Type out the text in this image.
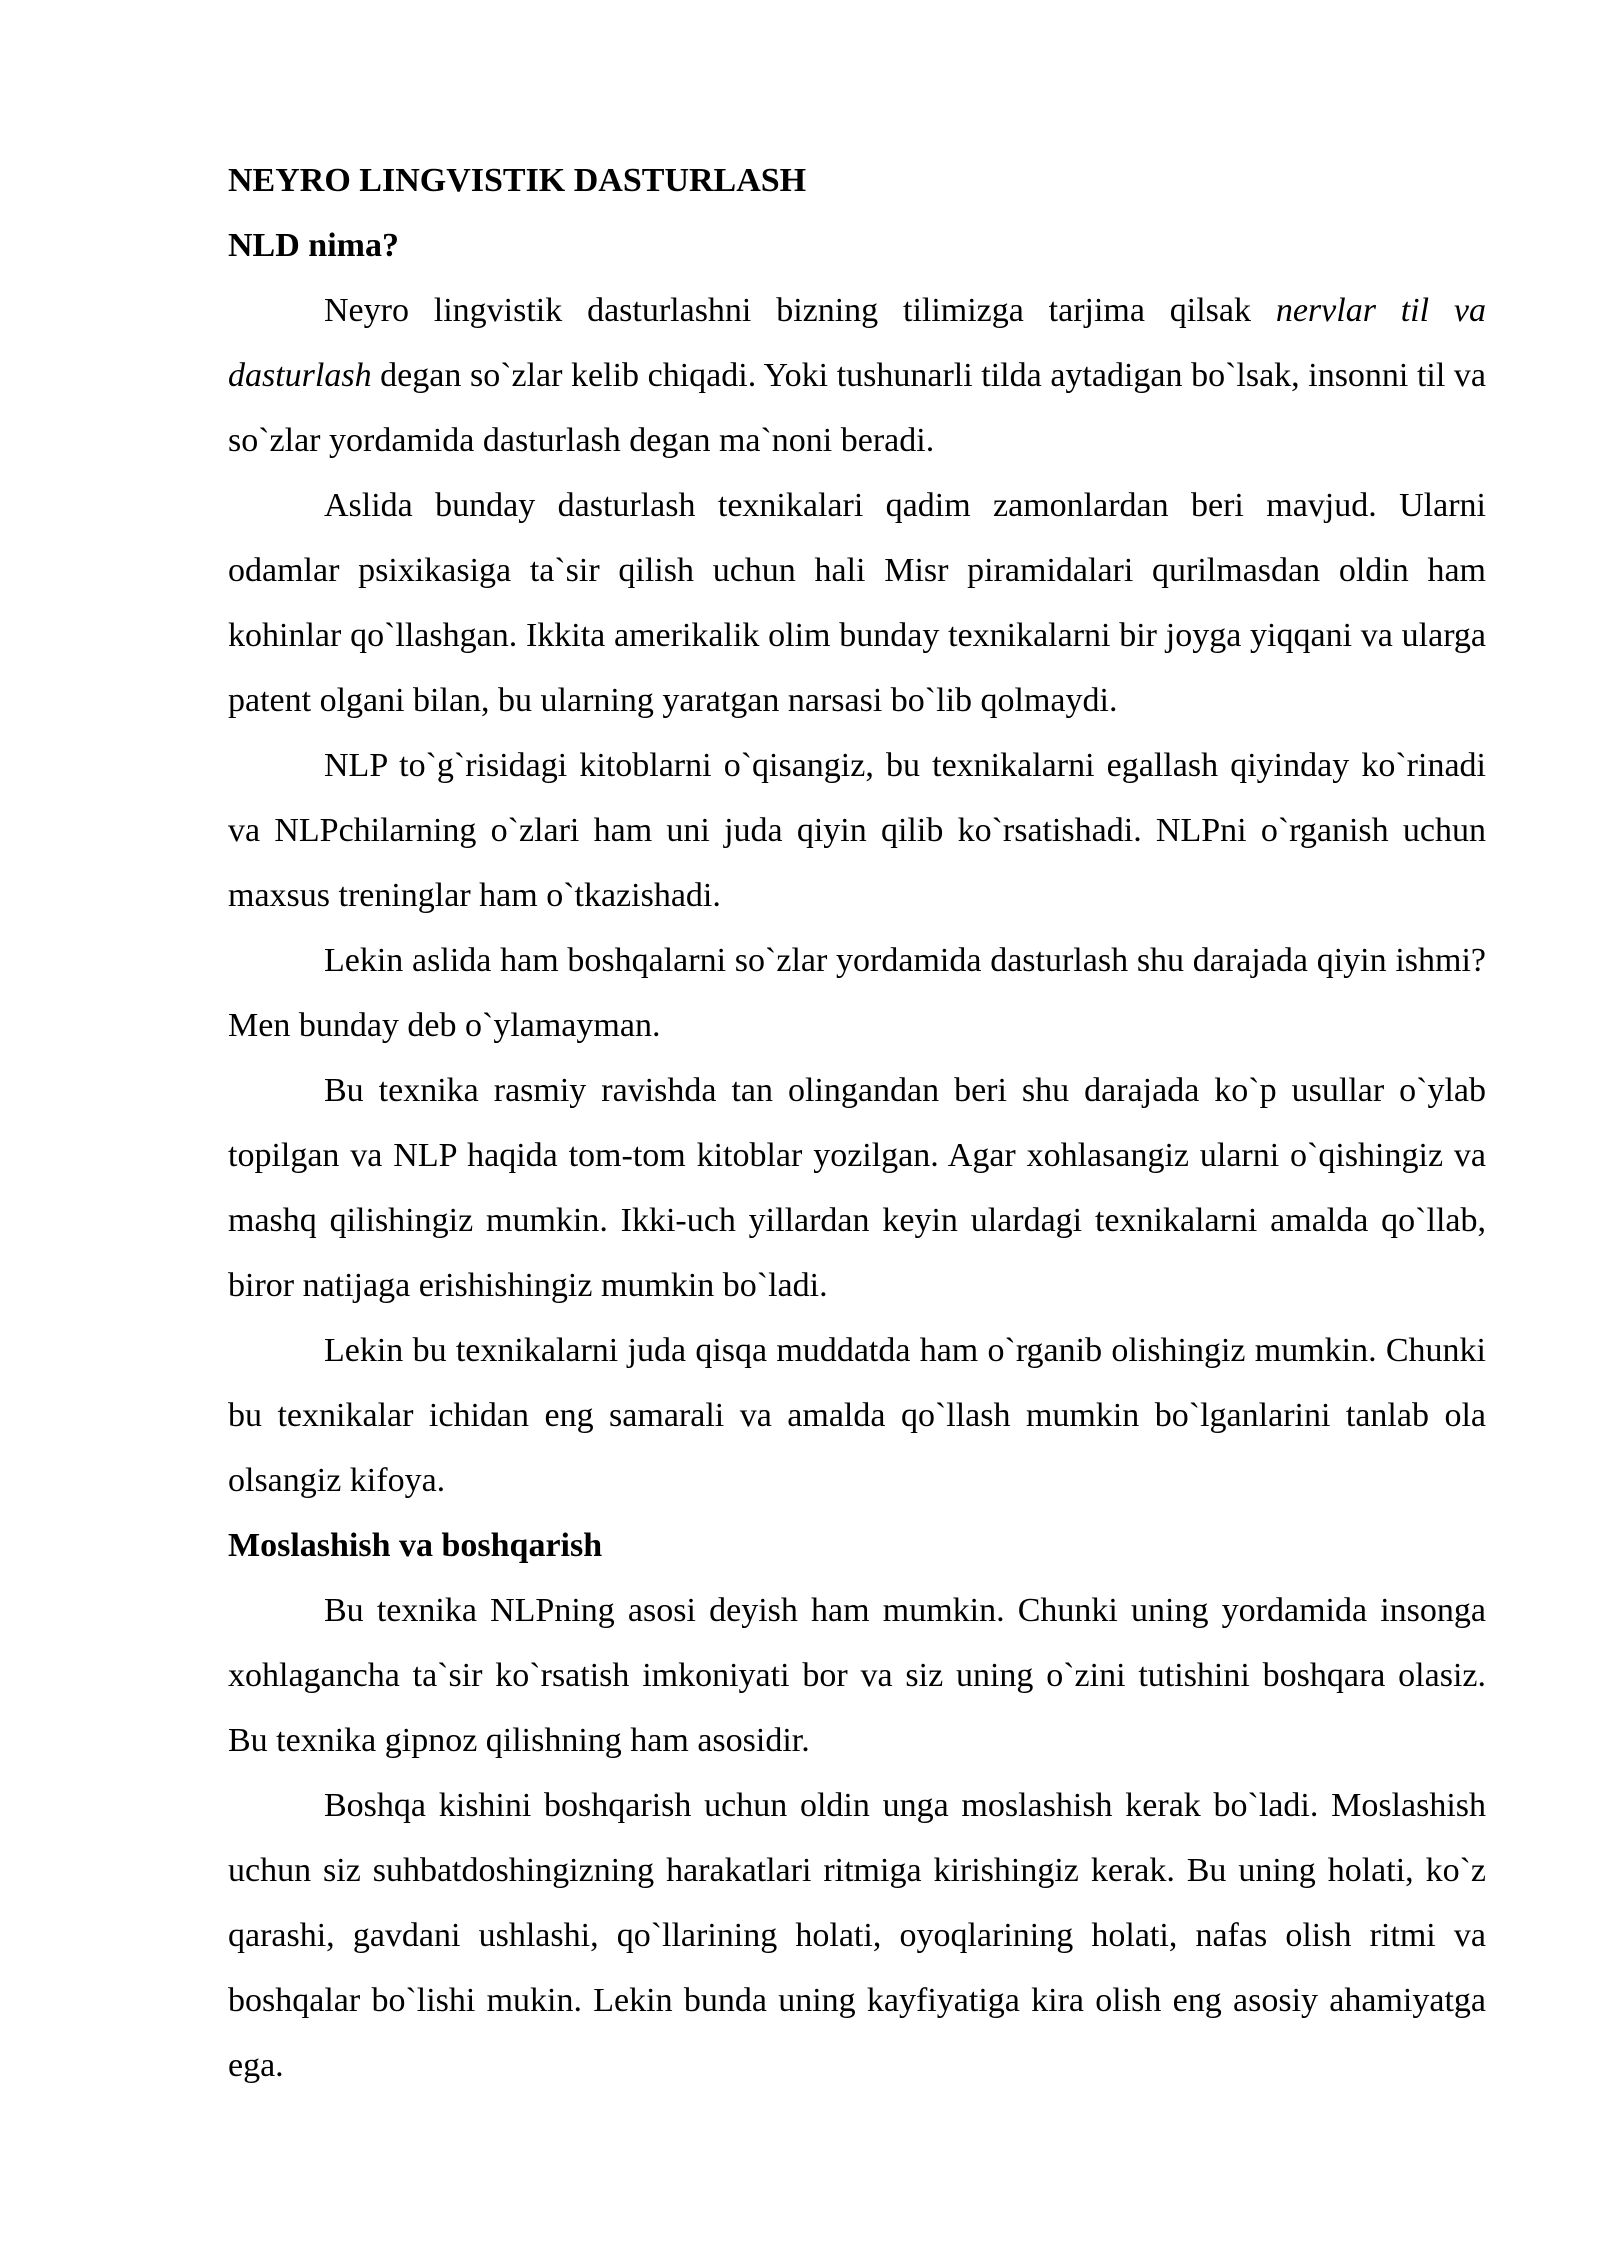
NEYRO LINGVISTIK DASTURLASH

NLD nima?

Neyro lingvistik dasturlashni bizning tilimizga tarjima qilsak nervlar til va dasturlash degan so`zlar kelib chiqadi. Yoki tushunarli tilda aytadigan bo`lsak, insonni til va so`zlar yordamida dasturlash degan ma`noni beradi.

Aslida bunday dasturlash texnikalari qadim zamonlardan beri mavjud. Ularni odamlar psixikasiga ta`sir qilish uchun hali Misr piramidalari qurilmasdan oldin ham kohinlar qo`llashgan. Ikkita amerikalik olim bunday texnikalarni bir joyga yiqqani va ularga patent olgani bilan, bu ularning yaratgan narsasi bo`lib qolmaydi.

NLP to`g`risidagi kitoblarni o`qisangiz, bu texnikalarni egallash qiyinday ko`rinadi va NLPchilarning o`zlari ham uni juda qiyin qilib ko`rsatishadi. NLPni o`rganish uchun maxsus treninglar ham o`tkazishadi.

Lekin aslida ham boshqalarni so`zlar yordamida dasturlash shu darajada qiyin ishmi? Men bunday deb o`ylamayman.

Bu texnika rasmiy ravishda tan olingandan beri shu darajada ko`p usullar o`ylab topilgan va NLP haqida tom-tom kitoblar yozilgan. Agar xohlasangiz ularni o`qishingiz va mashq qilishingiz mumkin. Ikki-uch yillardan keyin ulardagi texnikalarni amalda qo`llab, biror natijaga erishishingiz mumkin bo`ladi.

Lekin bu texnikalarni juda qisqa muddatda ham o`rganib olishingiz mumkin. Chunki bu texnikalar ichidan eng samarali va amalda qo`llash mumkin bo`lganlarini tanlab ola olsangiz kifoya.

Moslashish va boshqarish

Bu texnika NLPning asosi deyish ham mumkin. Chunki uning yordamida insonga xohlagancha ta`sir ko`rsatish imkoniyati bor va siz uning o`zini tutishini boshqara olasiz. Bu texnika gipnoz qilishning ham asosidir.

Boshqa kishini boshqarish uchun oldin unga moslashish kerak bo`ladi. Moslashish uchun siz suhbatdoshingizning harakatlari ritmiga kirishingiz kerak. Bu uning holati, ko`z qarashi, gavdani ushlashi, qo`llarining holati, oyoqlarining holati, nafas olish ritmi va boshqalar bo`lishi mukin. Lekin bunda uning kayfiyatiga kira olish eng asosiy ahamiyatga ega.
